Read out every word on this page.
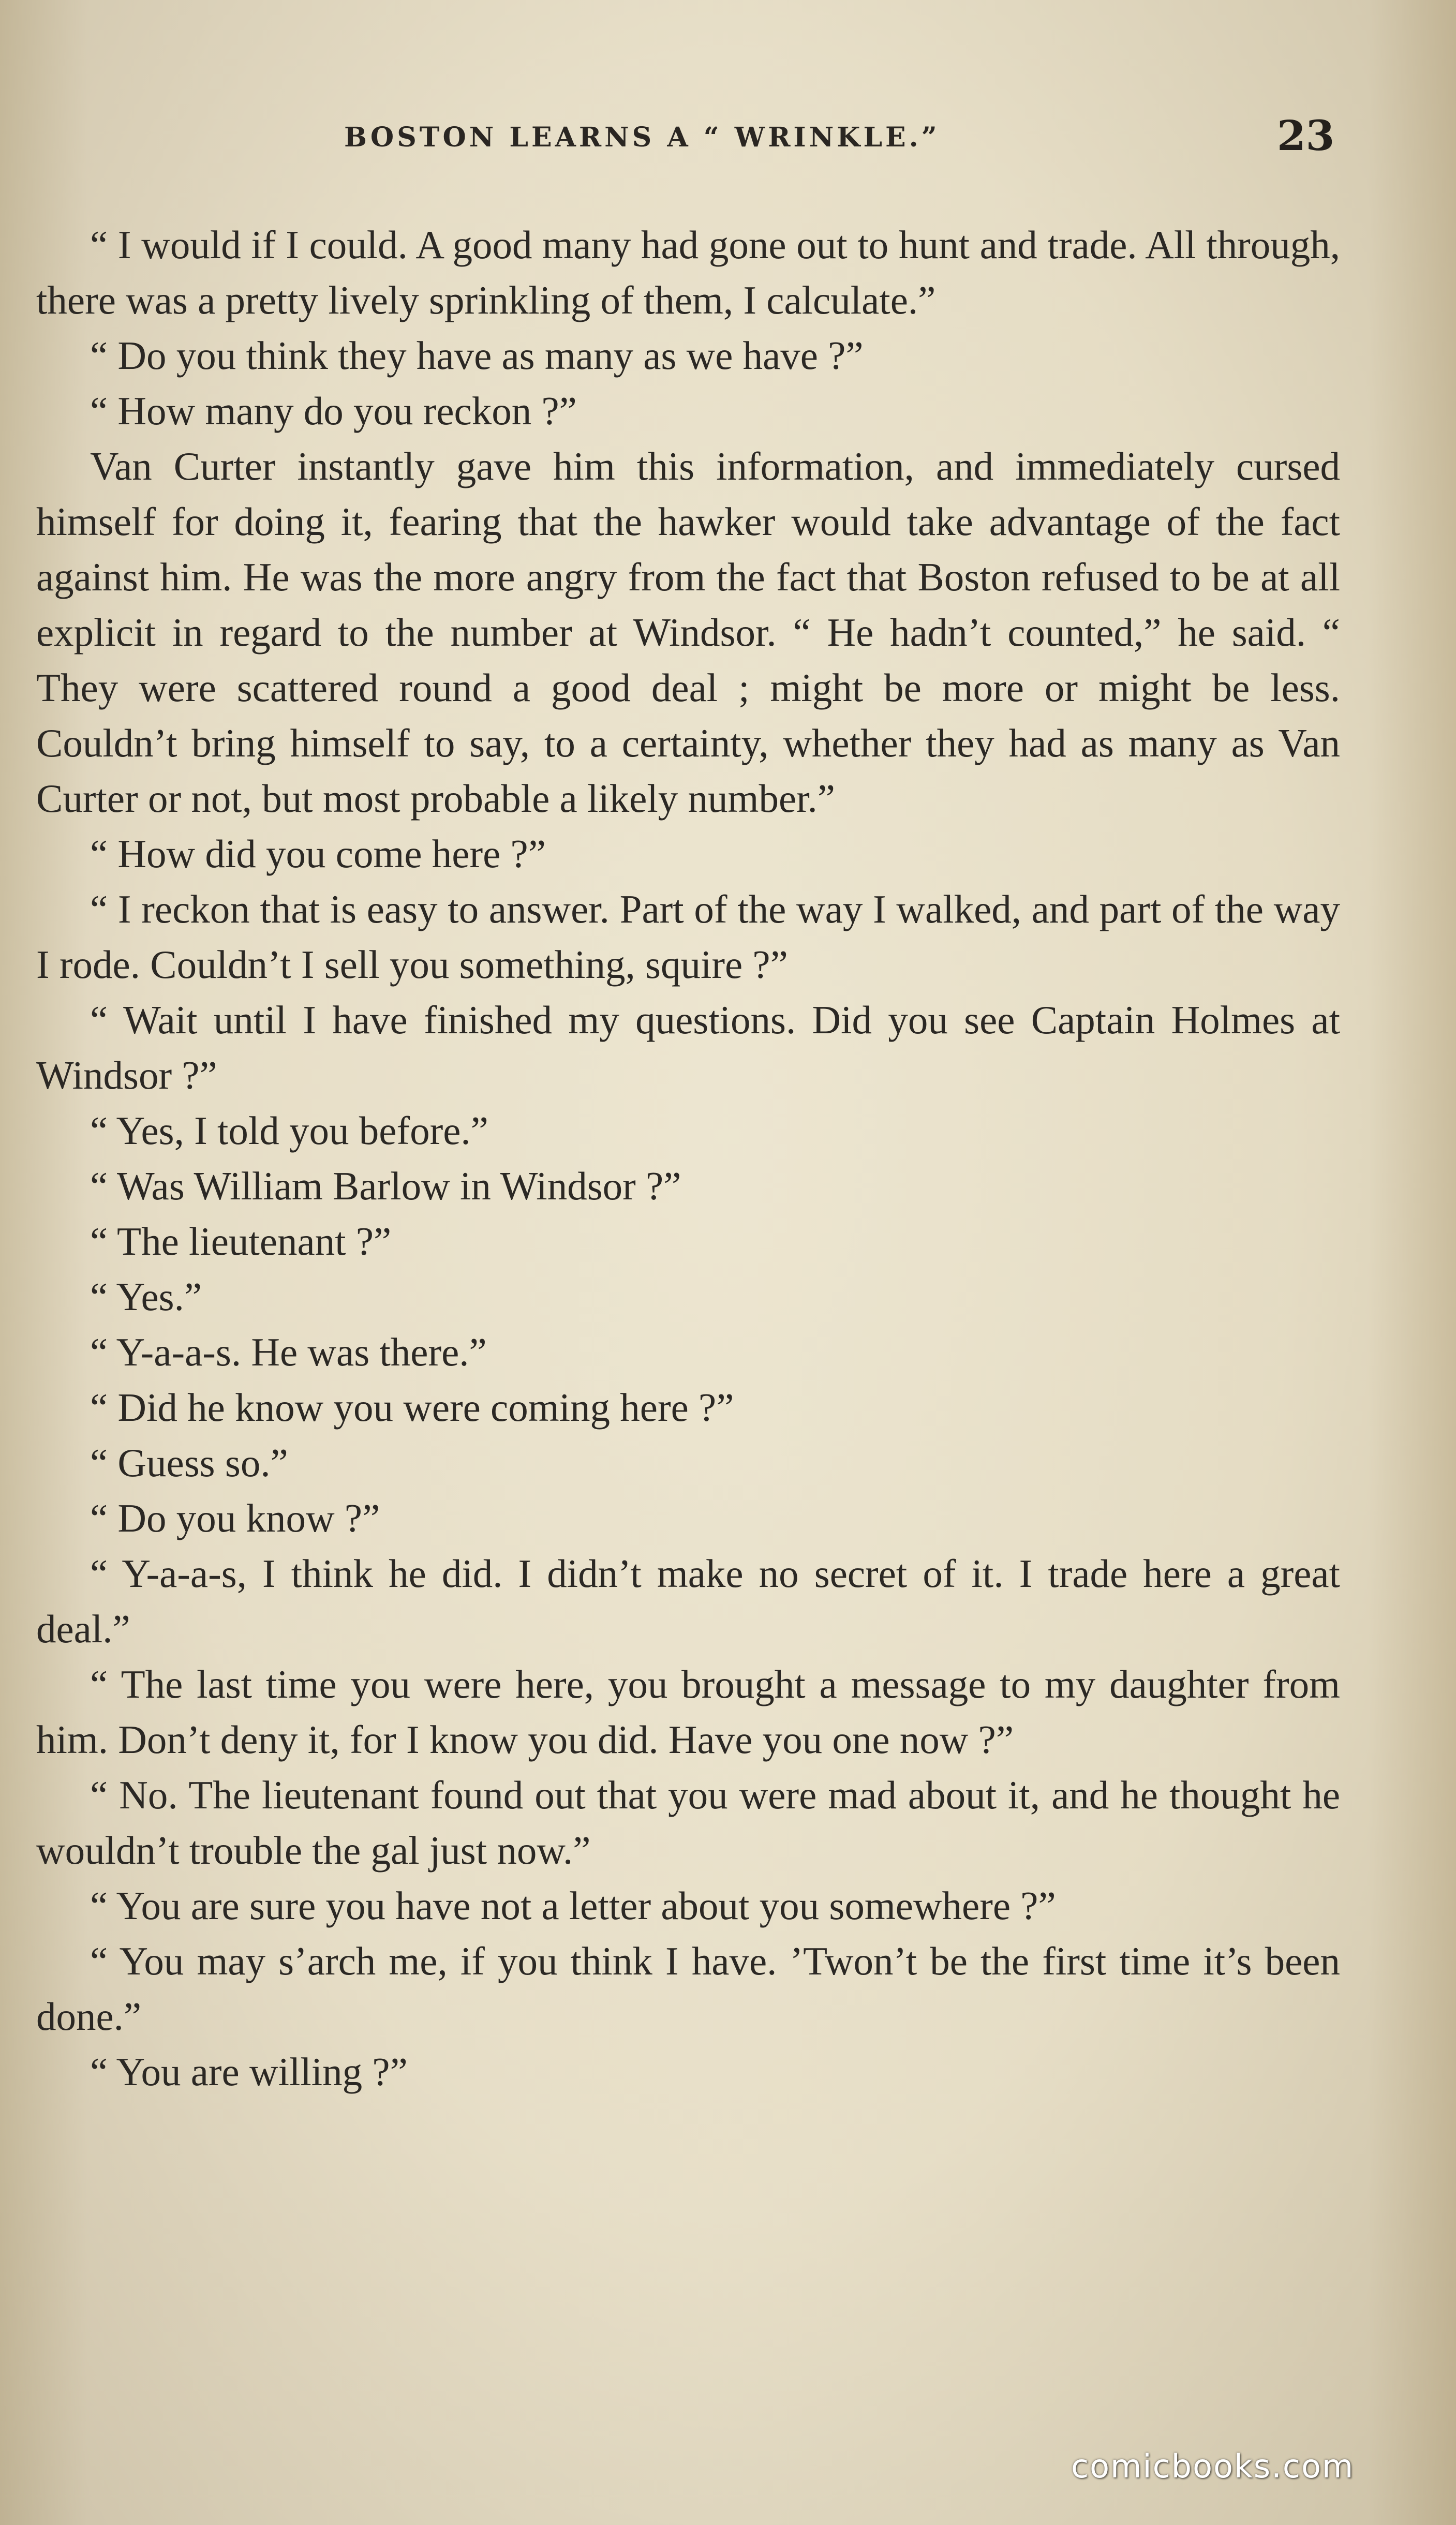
BOSTON LEARNS A “ WRINKLE.”	23

“ I would if I could. A good many had gone out to hunt and trade. All through, there was a pretty lively sprinkling of them, I calculate.”

“ Do you think they have as many as we have ?”

“ How many do you reckon ?”

Van Curter instantly gave him this information, and immediately cursed himself for doing it, fearing that the hawker would take advantage of the fact against him. He was the more angry from the fact that Boston refused to be at all explicit in regard to the number at Windsor. “ He hadn’t counted,” he said. “ They were scattered round a good deal ; might be more or might be less. Couldn’t bring himself to say, to a certainty, whether they had as many as Van Curter or not, but most probable a likely number.”

“ How did you come here ?”

“ I reckon that is easy to answer. Part of the way I walked, and part of the way I rode. Couldn’t I sell you something, squire ?”

“ Wait until I have finished my questions. Did you see Captain Holmes at Windsor ?”

“ Yes, I told you before.”

“ Was William Barlow in Windsor ?”

“ The lieutenant ?”

“ Yes.”

“ Y-a-a-s. He was there.”

“ Did he know you were coming here ?”

“ Guess so.”

“ Do you know ?”

“ Y-a-a-s, I think he did. I didn’t make no secret of it. I trade here a great deal.”

“ The last time you were here, you brought a message to my daughter from him. Don’t deny it, for I know you did. Have you one now ?”

“ No. The lieutenant found out that you were mad about it, and he thought he wouldn’t trouble the gal just now.”

“ You are sure you have not a letter about you somewhere ?”

“ You may s’arch me, if you think I have. ’Twon’t be the first time it’s been done.”

“ You are willing ?”

comicbooks.com
